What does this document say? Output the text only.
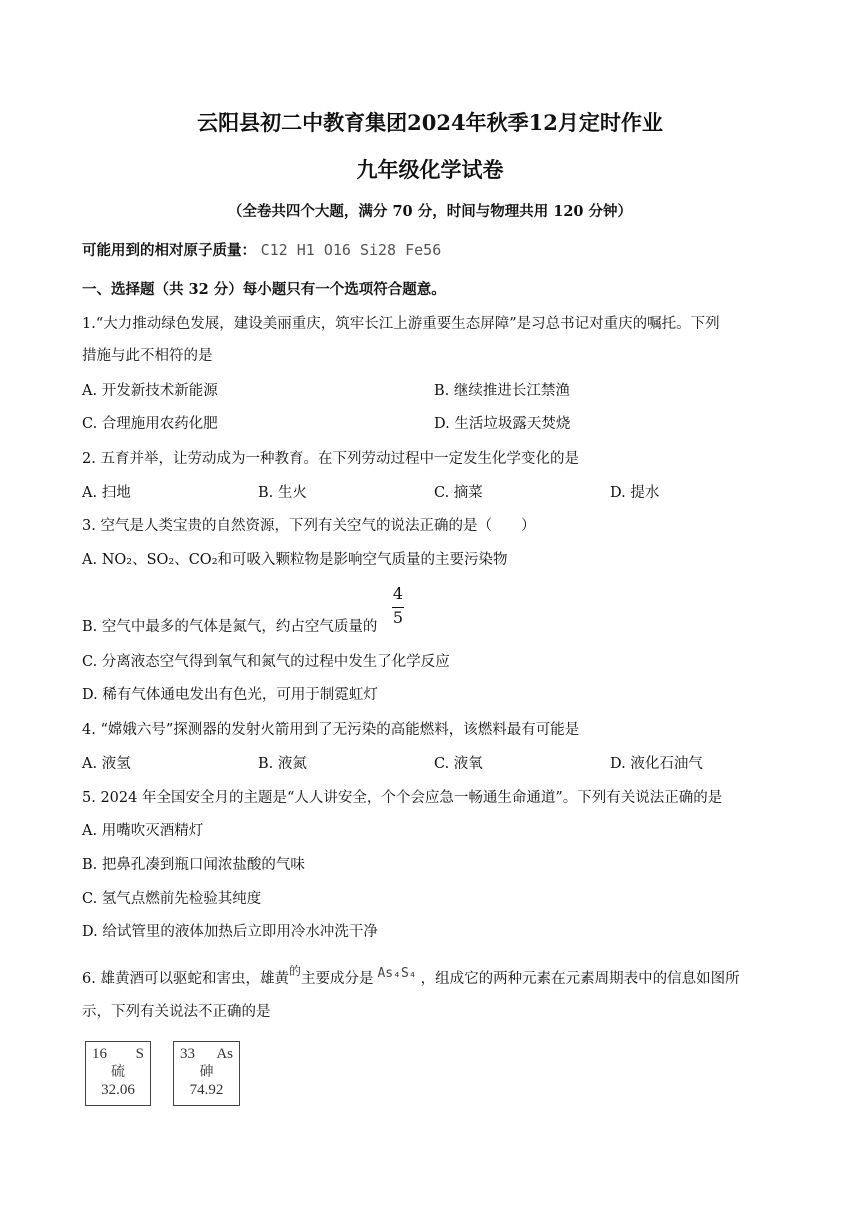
云阳县初二中教育集团2024年秋季12月定时作业
九年级化学试卷
（全卷共四个大题，满分 70 分，时间与物理共用 120 分钟）
可能用到的相对原子质量： C12 H1 O16 Si28 Fe56
一、选择题（共 32 分）每小题只有一个选项符合题意。
1.“大力推动绿色发展，建设美丽重庆，筑牢长江上游重要生态屏障”是习总书记对重庆的嘱托。下列
措施与此不相符的是
A. 开发新技术新能源	B. 继续推进长江禁渔
C. 合理施用农药化肥	D. 生活垃圾露天焚烧
2. 五育并举，让劳动成为一种教育。在下列劳动过程中一定发生化学变化的是
A. 扫地	B. 生火	C. 摘菜	D. 提水
3. 空气是人类宝贵的自然资源，下列有关空气的说法正确的是（　　）
A. NO₂、SO₂、CO₂和可吸入颗粒物是影响空气质量的主要污染物
4
5
B. 空气中最多的气体是氮气，约占空气质量的
C. 分离液态空气得到氧气和氮气的过程中发生了化学反应
D. 稀有气体通电发出有色光，可用于制霓虹灯
4. “嫦娥六号”探测器的发射火箭用到了无污染的高能燃料，该燃料最有可能是
A. 液氢	B. 液氮	C. 液氧	D. 液化石油气
5. 2024 年全国安全月的主题是“人人讲安全，个个会应急一畅通生命通道”。下列有关说法正确的是
A. 用嘴吹灭酒精灯
B. 把鼻孔凑到瓶口闻浓盐酸的气味
C. 氢气点燃前先检验其纯度
D. 给试管里的液体加热后立即用冷水冲洗干净
6. 雄黄酒可以驱蛇和害虫，雄黄$^的$主要成分是 As₄S₄ ，组成它的两种元素在元素周期表中的信息如图所
示，下列有关说法不正确的是
16 S
硫
32.06
33 As
砷
74.92
